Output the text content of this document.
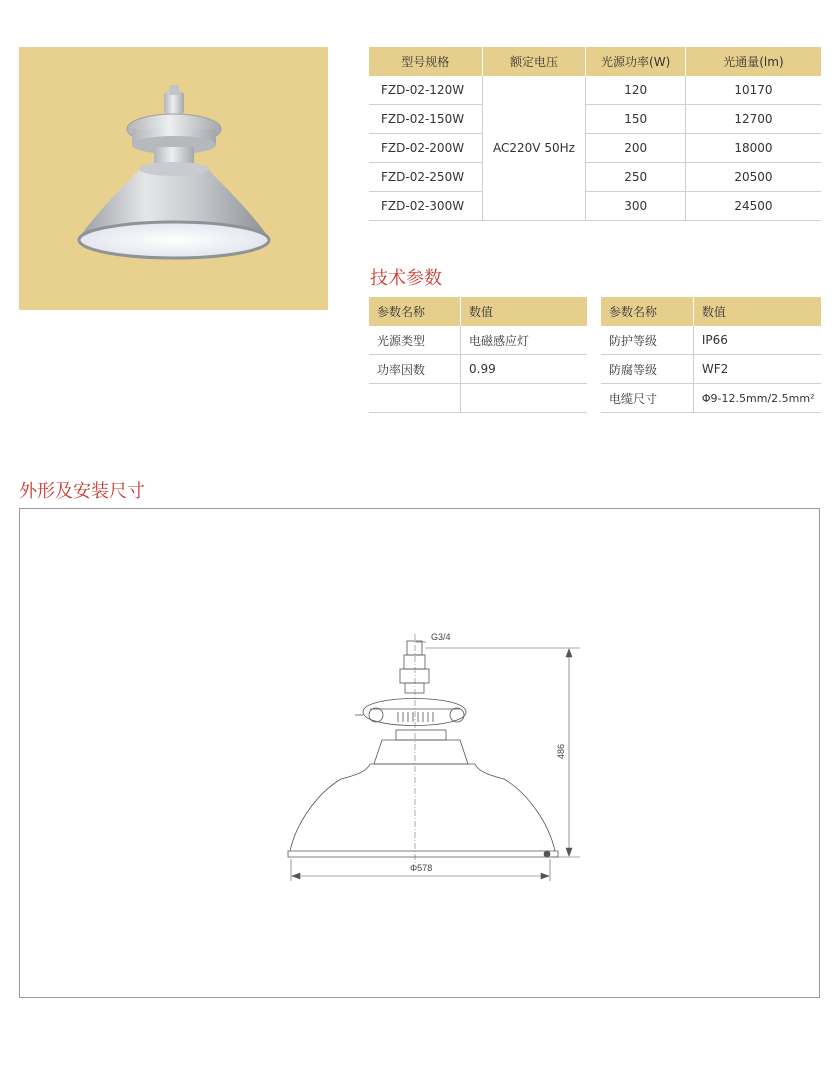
型号规格	额定电压	光源功率(W)	光通量(lm)
FZD-02-120W	AC220V 50Hz	120	10170
FZD-02-150W		150	12700
FZD-02-200W		200	18000
FZD-02-250W		250	20500
FZD-02-300W		300	24500
技术参数
参数名称	数值
光源类型	电磁感应灯
功率因数	0.99

参数名称	数值
防护等级	IP66
防腐等级	WF2
电缆尺寸	Φ9-12.5mm/2.5mm²
外形及安装尺寸
G3/4
486
Φ578
